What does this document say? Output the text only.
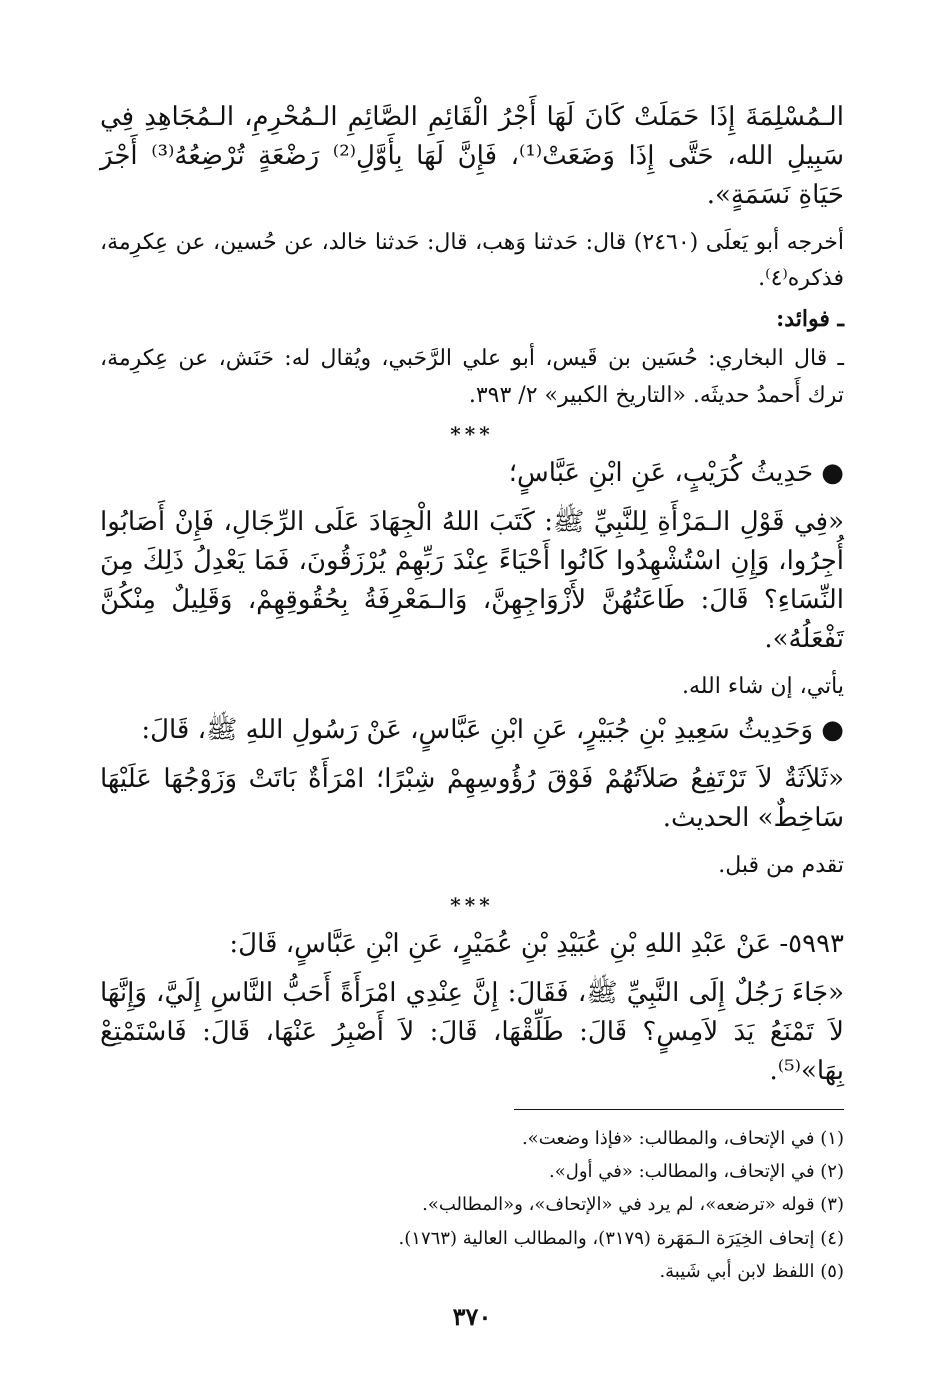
الـمُسْلِمَةَ إِذَا حَمَلَتْ كَانَ لَهَا أَجْرُ الْقَائِمِ الصَّائِمِ الـمُحْرِمِ، الـمُجَاهِدِ فِي سَبِيلِ الله، حَتَّى إِذَا وَضَعَتْ⁽¹⁾، فَإِنَّ لَهَا بِأَوَّلِ⁽²⁾ رَضْعَةٍ تُرْضِعُهُ⁽³⁾ أَجْرَ حَيَاةِ نَسَمَةٍ».

أخرجه أبو يَعلَى (٢٤٦٠) قال: حَدثنا وَهب، قال: حَدثنا خالد، عن حُسين، عن عِكرِمة، فذكره⁽٤⁾.

ـ فوائد:

ـ قال البخاري: حُسَين بن قَيس، أبو علي الرَّحَبي، ويُقال له: حَنَش، عن عِكرِمة، ترك أَحمدُ حديثَه. «التاريخ الكبير» ٢/ ٣٩٣.

***

● حَدِيثُ كُرَيْبٍ، عَنِ ابْنِ عَبَّاسٍ؛

«فِي قَوْلِ الـمَرْأَةِ لِلنَّبِيِّ ﷺ: كَتَبَ اللهُ الْجِهَادَ عَلَى الرِّجَالِ، فَإِنْ أَصَابُوا أُجِرُوا، وَإِنِ اسْتُشْهِدُوا كَانُوا أَحْيَاءً عِنْدَ رَبِّهِمْ يُرْزَقُونَ، فَمَا يَعْدِلُ ذَلِكَ مِنَ النِّسَاءِ؟ قَالَ: طَاعَتُهُنَّ لأَزْوَاجِهِنَّ، وَالـمَعْرِفَةُ بِحُقُوقِهِمْ، وَقَلِيلٌ مِنْكُنَّ تَفْعَلُهُ».

يأتي، إن شاء الله.

● وَحَدِيثُ سَعِيدِ بْنِ جُبَيْرٍ، عَنِ ابْنِ عَبَّاسٍ، عَنْ رَسُولِ اللهِ ﷺ، قَالَ:

«ثَلاَثَةٌ لاَ تَرْتَفِعُ صَلاَتُهُمْ فَوْقَ رُؤُوسِهِمْ شِبْرًا؛ امْرَأَةٌ بَاتَتْ وَزَوْجُهَا عَلَيْهَا سَاخِطٌ» الحديث.

تقدم من قبل.

***

٥٩٩٣- عَنْ عَبْدِ اللهِ بْنِ عُبَيْدِ بْنِ عُمَيْرٍ، عَنِ ابْنِ عَبَّاسٍ، قَالَ:

«جَاءَ رَجُلٌ إِلَى النَّبِيِّ ﷺ، فَقَالَ: إِنَّ عِنْدِي امْرَأَةً أَحَبُّ النَّاسِ إِلَيَّ، وَإِنَّهَا لاَ تَمْنَعُ يَدَ لاَمِسٍ؟ قَالَ: طَلِّقْهَا، قَالَ: لاَ أَصْبِرُ عَنْهَا، قَالَ: فَاسْتَمْتِعْ بِهَا»⁽⁵⁾.

(١) في الإتحاف، والمطالب: «فإذا وضعت».

(٢) في الإتحاف، والمطالب: «في أول».

(٣) قوله «ترضعه»، لم يرد في «الإتحاف»، و«المطالب».

(٤) إتحاف الخِيَرَة الـمَهَرة (٣١٧٩)، والمطالب العالية (١٧٦٣).

(٥) اللفظ لابن أبي شَيبة.

٣٧٠
